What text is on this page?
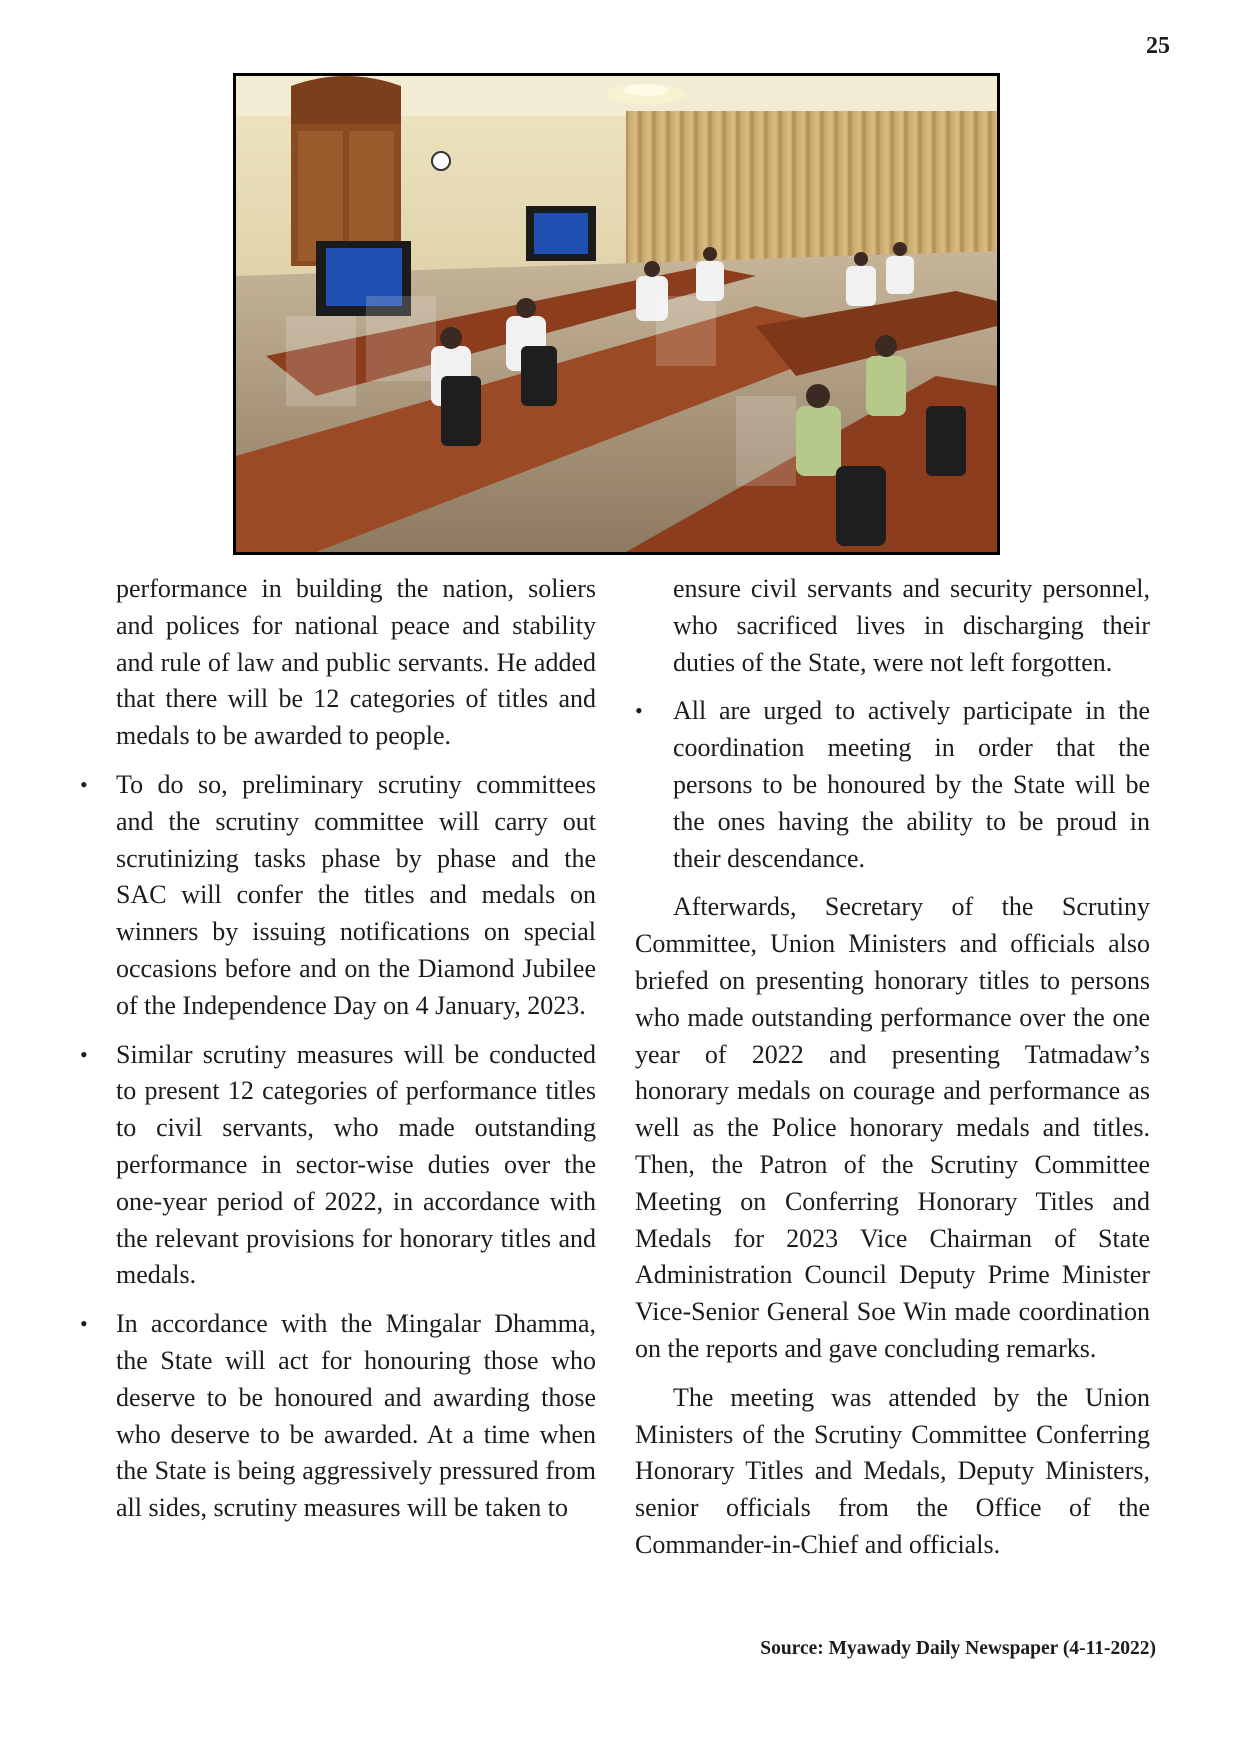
25

performance in building the nation, soliers and polices for national peace and stability and rule of law and public servants. He added that there will be 12 categories of titles and medals to be awarded to people.

• To do so, preliminary scrutiny committees and the scrutiny committee will carry out scrutinizing tasks phase by phase and the SAC will confer the titles and medals on winners by issuing notifications on special occasions before and on the Diamond Jubilee of the Independence Day on 4 January, 2023.

• Similar scrutiny measures will be conducted to present 12 categories of performance titles to civil servants, who made outstanding performance in sector-wise duties over the one-year period of 2022, in accordance with the relevant provisions for honorary titles and medals.

• In accordance with the Mingalar Dhamma, the State will act for honouring those who deserve to be honoured and awarding those who deserve to be awarded. At a time when the State is being aggressively pressured from all sides, scrutiny measures will be taken to

ensure civil servants and security personnel, who sacrificed lives in discharging their duties of the State, were not left forgotten.

•	All are urged to actively participate in the coordination meeting in order that the persons to be honoured by the State will be the ones having the ability to be proud in their descendance.

Afterwards, Secretary of the Scrutiny Committee, Union Ministers and officials also briefed on presenting honorary titles to persons who made outstanding performance over the one year of 2022 and presenting Tatmadaw’s honorary medals on courage and performance as well as the Police honorary medals and titles. Then, the Patron of the Scrutiny Committee Meeting on Conferring Honorary Titles and Medals for 2023 Vice Chairman of State Administration Council Deputy Prime Minister Vice-Senior General Soe Win made coordination on the reports and gave concluding remarks.

The meeting was attended by the Union Ministers of the Scrutiny Committee Conferring Honorary Titles and Medals, Deputy Ministers, senior officials from the Office of the Commander-in-Chief and officials.

Source: Myawady Daily Newspaper (4-11-2022)
